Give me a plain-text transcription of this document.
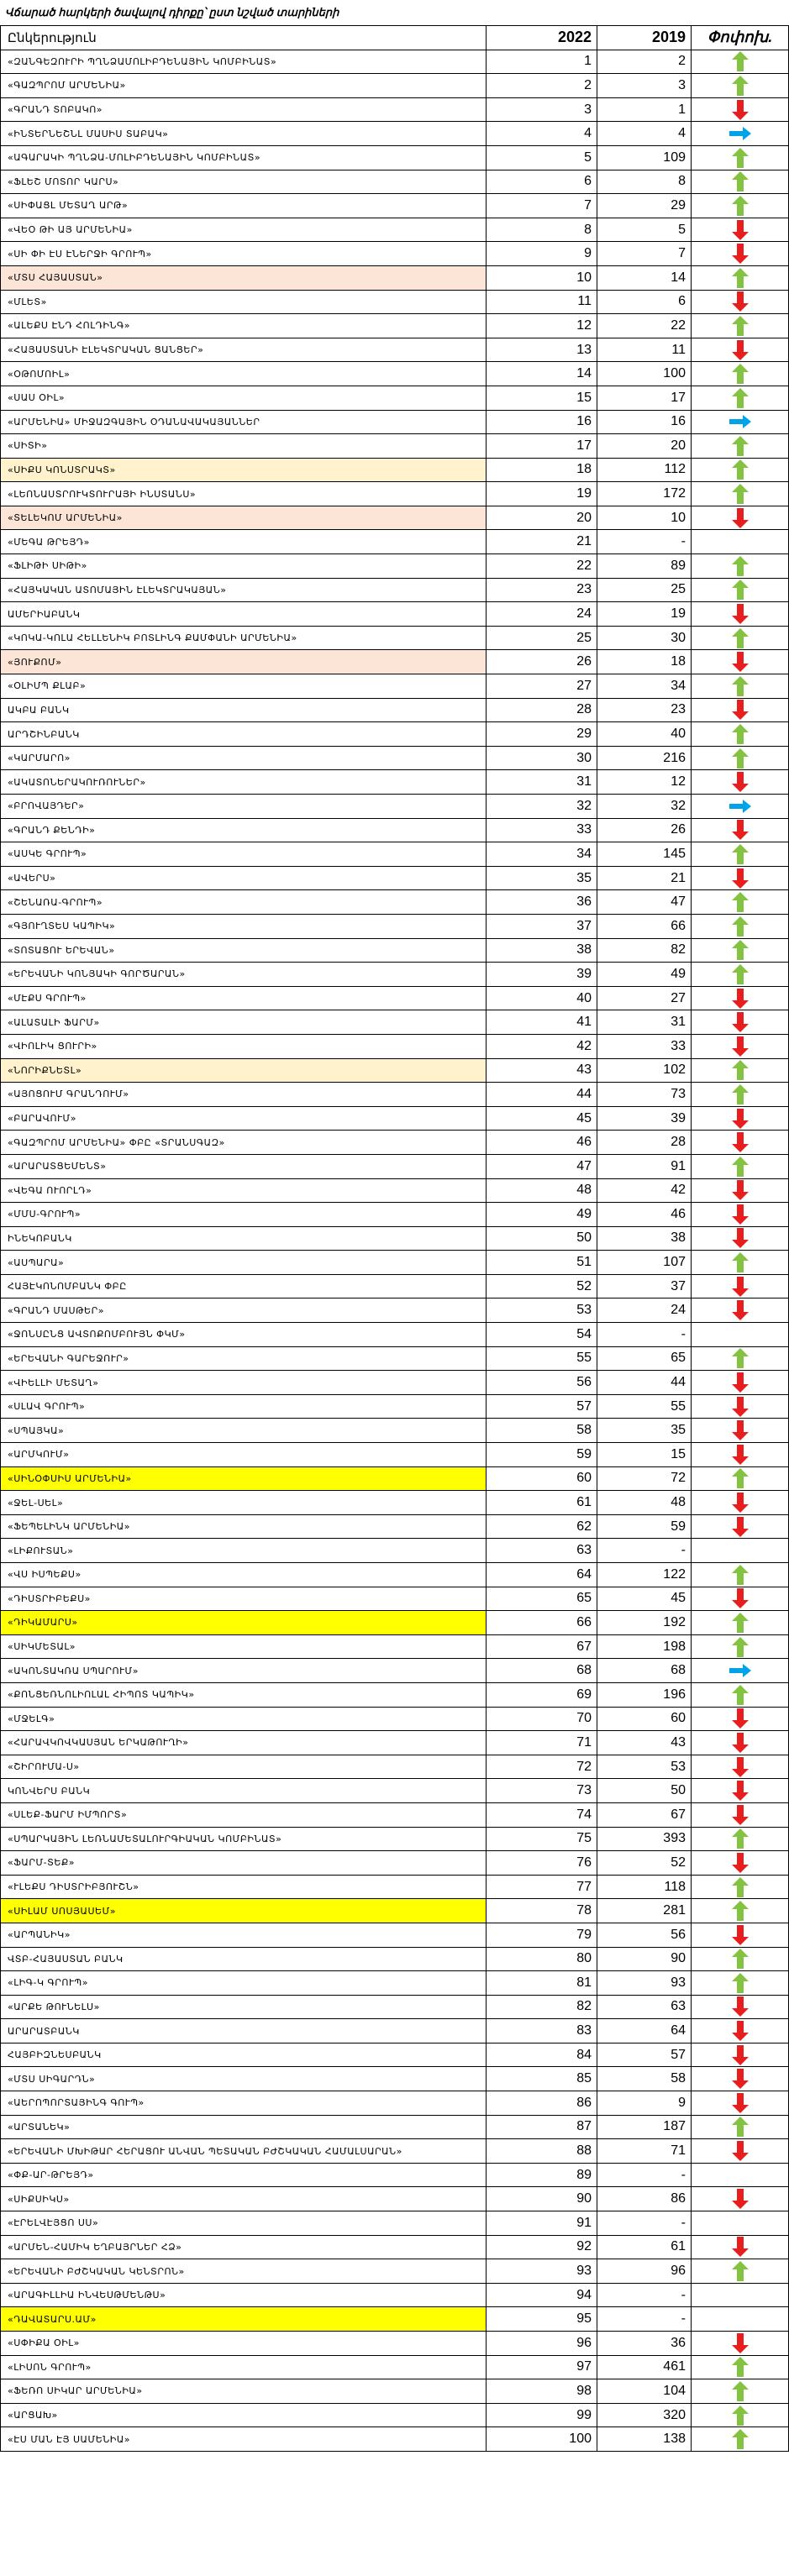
Վճարած հարկերի ծավալով դիրքը՝ ըստ նշված տարիների
Ընկերություն	2022	2019	Փոփոխ.
«ԶԱՆԳԵԶՈՒՐԻ ՊՂՆՁԱՄՈԼԻԲԴԵՆԱՅԻՆ ԿՈՄԲԻՆԱՏ»	1	2	

«ԳԱԶՊՐՈՄ ԱՐՄԵՆԻԱ»	2	3	

«ԳՐԱՆԴ ՏՈԲԱԿՈ»	3	1	

«ԻՆՏԵՐՆԵՇՆԼ ՄԱՍԻՍ ՏԱԲԱԿ»	4	4	

«ԱԳԱՐԱԿԻ ՊՂՆՁԱ-ՄՈԼԻԲԴԵՆԱՅԻՆ ԿՈՄԲԻՆԱՏ»	5	109	

«ՖԼԵՇ ՄՈՏՈՐ ԿԱՐՍ»	6	8	

«ՍԻՓԱՑԼ ՄԵՏԱՂ ԱՐԹ»	7	29	

«ՎԵՕ ԹԻ ԱՅ ԱՐՄԵՆԻԱ»	8	5	

«ՍԻ ՓԻ ԷՍ ԷՆԵՐՋԻ ԳՐՈՒՊ»	9	7	

«ՄՏՍ ՀԱՅԱՍՏԱՆ»	10	14	

«ՄԼԵՏ»	11	6	

«ԱԼԵՔՍ ԷՆԴ ՀՈԼԴԻՆԳ»	12	22	

«ՀԱՅԱՍՏԱՆԻ ԷԼԵԿՏՐԱԿԱՆ ՑԱՆՑԵՐ»	13	11	

«ՕԹՈՄՈԻԼ»	14	100	

«ՍԱՍ ՕԻԼ»	15	17	

«ԱՐՄԵՆԻԱ» ՄԻՋԱԶԳԱՅԻՆ ՕԴԱՆԱՎԱԿԱՅԱՆՆԵՐ	16	16	

«ՍԻՏԻ»	17	20	

«ՍԻՔՍ ԿՈՆՍՏՐԱԿՏ»	18	112	

«ԼԵՈՆԱՍՏՐՈՒԿՏՈՒՐԱՅԻ ԻՆՍՏԱՆՍ»	19	172	

«ՏԵԼԵԿՈՄ ԱՐՄԵՆԻԱ»	20	10	

«ՄԵԳԱ ԹՐԵՅԴ»	21	-	
«ՖԼԻԹԻ ՍԻԹԻ»	22	89	

«ՀԱՅԿԱԿԱՆ ԱՏՈՄԱՅԻՆ ԷԼԵԿՏՐԱԿԱՅԱՆ»	23	25	

ԱՄԵՐԻԱԲԱՆԿ	24	19	

«ԿՈԿԱ-ԿՈԼԱ ՀԵԼԼԵՆԻԿ ԲՈՏԼԻՆԳ ՔԱՄՓԱՆԻ ԱՐՄԵՆԻԱ»	25	30	

«ՅՈՒՔՈՄ»	26	18	

«ՕԼԻՄՊ ՔԼԱԲ»	27	34	

ԱԿԲԱ ԲԱՆԿ	28	23	

ԱՐԴՇԻՆԲԱՆԿ	29	40	

«ԿԱՐՄԱՐՈ»	30	216	

«ԱԿԱՏՈՆԵՐԱԿՈՒՌՈՒՆԵՐ»	31	12	

«ԲՐՈՎԱՅԴԵՐ»	32	32	

«ԳՐԱՆԴ ՔԵՆԴԻ»	33	26	

«ԱՍԿԵ ԳՐՈՒՊ»	34	145	

«ԱՎԵՐՍ»	35	21	

«ՇԵՆԱՌԱ-ԳՐՈՒՊ»	36	47	

«ԳՅՈՒՂՏԵՍ ԿԱՊԻԿ»	37	66	

«ՏՈՏԱՑՈՒ ԵՐԵՎԱՆ»	38	82	

«ԵՐԵՎԱՆԻ ԿՈՆՅԱԿԻ ԳՈՐԾԱՐԱՆ»	39	49	

«ՄԷՔՍ ԳՐՈՒՊ»	40	27	

«ԱԼԱՏԱԼԻ ՖԱՐՄ»	41	31	

«ՎԻՈԼԻԿ ՑՈՒՐԻ»	42	33	

«ՆՈՐԻՔՆԵՏԼ»	43	102	

«ԱՅՈՑՈՒՄ ԳՐԱՆԴՈՒՄ»	44	73	

«ԲԱՐԱՎՈՒՄ»	45	39	

«ԳԱԶՊՐՈՄ ԱՐՄԵՆԻԱ» ՓԲԸ «ՏՐԱՆՍԳԱԶ»	46	28	

«ԱՐԱՐԱՏՑԵՄԵՆՏ»	47	91	

«ՎԵԳԱ ՈՒՈՐԼԴ»	48	42	

«ՄՄՍ-ԳՐՈՒՊ»	49	46	

ԻՆԵԿՈԲԱՆԿ	50	38	

«ԱՍՊԱՐԱ»	51	107	

ՀԱՅԷԿՈՆՈՄԲԱՆԿ ՓԲԸ	52	37	

«ԳՐԱՆԴ ՄԱՍԹԵՐ»	53	24	

«ՋՈՆՍԸՆՑ ԱՎՏՈՔՈՄԲՈՒՅՆ ՓԿՄ»	54	-	
«ԵՐԵՎԱՆԻ ԳԱՐԵՋՈՒՐ»	55	65	

«ՎԻԵԼԼԻ ՄԵՏԱՂ»	56	44	

«ՍԼԱՎ ԳՐՈՒՊ»	57	55	

«ՍՊԱՅԿԱ»	58	35	

«ԱՐՄԿՈՒՄ»	59	15	

«ՍԻՆՕՓՍԻՍ ԱՐՄԵՆԻԱ»	60	72	

«ՋԵԼ-ՍԵԼ»	61	48	

«ՖԵՊԵԼԻՆԿ ԱՐՄԵՆԻԱ»	62	59	

«ԼԻՔՈՒՏԱՆ»	63	-	
«ՎՍ ԻՍՊԵՔՍ»	64	122	

«ԴԻՍՏՐԻԲԵՔՍ»	65	45	

«ԴԻԿԱՄԱՐՍ»	66	192	

«ՍԻԿՄԵՏԱԼ»	67	198	

«ԱԿՈՆՏԱԿՌԱ ՍՊԱՐՈՒՄ»	68	68	

«ՔՈՆՑԵՌՆՈԼԻՈԼԱԼ ՀԻՊՈՏ ԿԱՊԻԿ»	69	196	

«ՄՋԵԼԳ»	70	60	

«ՀԱՐԱՎԿՈՎԿԱՍՅԱՆ ԵՐԿԱԹՈՒՂԻ»	71	43	

«ՇԻՐՈՒՄԱ-Ս»	72	53	

ԿՈՆՎԵՐՍ ԲԱՆԿ	73	50	

«ՍԼԵՔ-ՖԱՐՄ ԻՄՊՈՐՏ»	74	67	

«ՍՊԱՐԿԱՅԻՆ ԼԵՌՆԱՄԵՏԱԼՈՒՐԳԻԱԿԱՆ ԿՈՄԲԻՆԱՏ»	75	393	

«ՖԱՐՄ-ՏԵՔ»	76	52	

«ՒԼԵՔՍ ԴԻՍՏՐԻԲՅՈՒՇՆ»	77	118	

«ՍԻԼԱՄ ՍՈՍՅԱՍԵՄ»	78	281	

«ԱՐՊԱՆԻԿ»	79	56	

ՎՏԲ-ՀԱՅԱՍՏԱՆ ԲԱՆԿ	80	90	

«ԼԻԳ-Կ ԳՐՈՒՊ»	81	93	

«ԱՐՔԵ ԹՈՒՆԵԼՍ»	82	63	

ԱՐԱՐԱՏԲԱՆԿ	83	64	

ՀԱՅԲԻԶՆԵՍԲԱՆԿ	84	57	

«ՄՏՍ ՍԻԳԱՐԴՆ»	85	58	

«ԱԵՐՈՊՈՐՏԱՅԻՆԳ ԳՈՒՊ»	86	9	

«ԱՐՏԱՆԵԿ»	87	187	

«ԵՐԵՎԱՆԻ ՄԽԻԹԱՐ ՀԵՐԱՑՈՒ ԱՆՎԱՆ ՊԵՏԱԿԱՆ ԲԺՇԿԱԿԱՆ ՀԱՄԱԼՍԱՐԱՆ»	88	71	

«ՓՔ-ԱՐ-ԹՐԵՅԴ»	89	-	
«ՍԻՔՍԻԿՍ»	90	86	

«ԷՐԵԼՎԷՅՑՈ ՍՍ»	91	-	
«ԱՐՄԵՆ-ՀԱՄԻԿ ԵՂԲԱՅՐՆԵՐ ՀՁ»	92	61	

«ԵՐԵՎԱՆԻ ԲԺՇԿԱԿԱՆ ԿԵՆՏՐՈՆ»	93	96	

«ԱՐԱԳԻԼԼԻԱ ԻՆՎԵՍԹՄԵՆԹՍ»	94	-	
«ԴԱՎԱՏԱՐՍ.ԱՄ»	95	-	
«ՍՓԻՔԱ ՕԻԼ»	96	36	

«ԼԻՍՈՆ ԳՐՈՒՊ»	97	461	

«ՖԵՌՈ ՍԻԿԱՐ ԱՐՄԵՆԻԱ»	98	104	

«ԱՐՑԱԽ»	99	320	

«ԷՍ ՄԱՆ ԷՅ ՍԱՄԵՆԻԱ»	100	138	
